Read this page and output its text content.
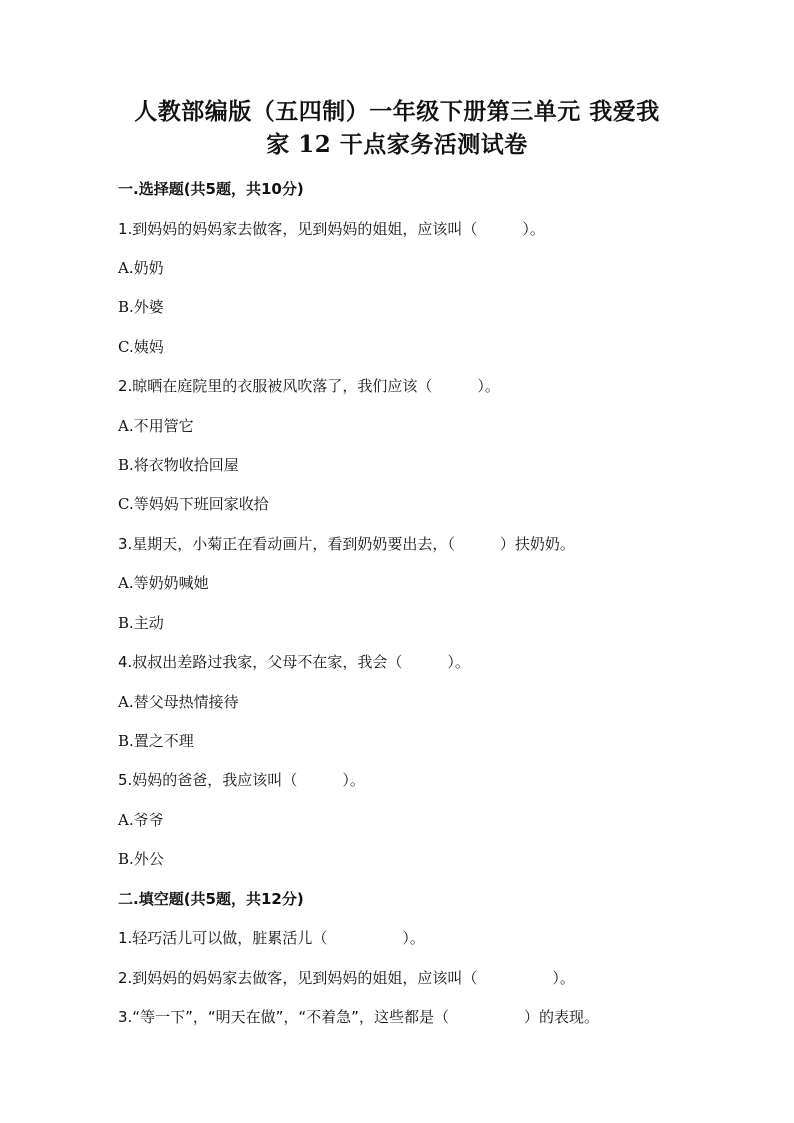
人教部编版（五四制）一年级下册第三单元 我爱我
家 12 干点家务活测试卷
一.选择题(共5题，共10分)
1.到妈妈的妈妈家去做客，见到妈妈的姐姐，应该叫（　　　）。
A.奶奶
B.外婆
C.姨妈
2.晾晒在庭院里的衣服被风吹落了，我们应该（　　　）。
A.不用管它
B.将衣物收拾回屋
C.等妈妈下班回家收拾
3.星期天，小菊正在看动画片，看到奶奶要出去，（　　　）扶奶奶。
A.等奶奶喊她
B.主动
4.叔叔出差路过我家，父母不在家，我会（　　　）。
A.替父母热情接待
B.置之不理
5.妈妈的爸爸，我应该叫（　　　）。
A.爷爷
B.外公
二.填空题(共5题，共12分)
1.轻巧活儿可以做，脏累活儿（　　　　　）。
2.到妈妈的妈妈家去做客，见到妈妈的姐姐，应该叫（　　　　　）。
3.“等一下”，“明天在做”，“不着急”，这些都是（　　　　　）的表现。
